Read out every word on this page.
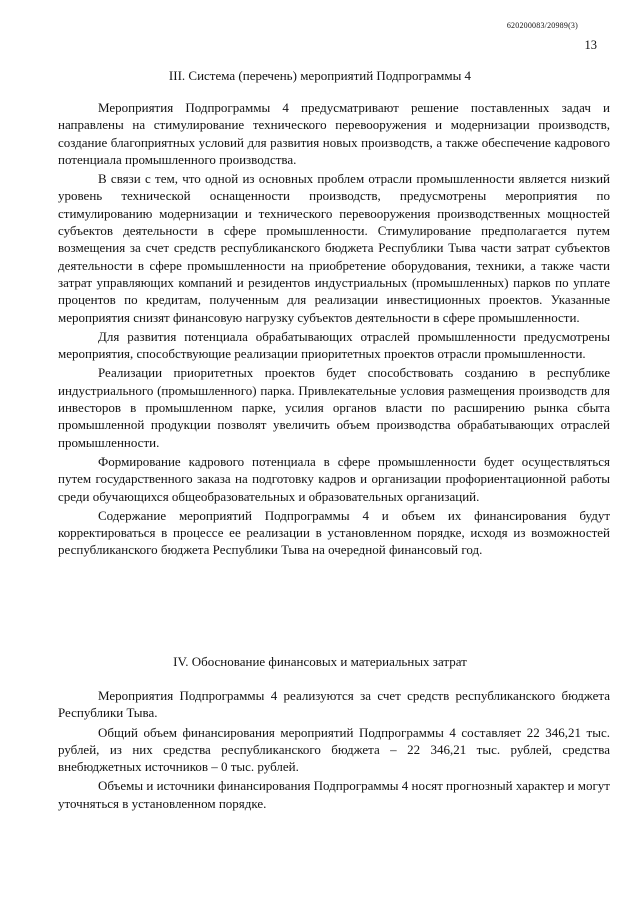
620200083/20989(3)
13
III. Система (перечень) мероприятий Подпрограммы 4

Мероприятия Подпрограммы 4 предусматривают решение поставленных задач и направлены на стимулирование технического перевооружения и модернизации производств, создание благоприятных условий для развития новых производств, а также обеспечение кадрового потенциала промышленного производства.

В связи с тем, что одной из основных проблем отрасли промышленности является низкий уровень технической оснащенности производств, предусмотрены мероприятия по стимулированию модернизации и технического перевооружения производственных мощностей субъектов деятельности в сфере промышленности. Стимулирование предполагается путем возмещения за счет средств республиканского бюджета Республики Тыва части затрат субъектов деятельности в сфере промышленности на приобретение оборудования, техники, а также части затрат управляющих компаний и резидентов индустриальных (промышленных) парков по уплате процентов по кредитам, полученным для реализации инвестиционных проектов. Указанные мероприятия снизят финансовую нагрузку субъектов деятельности в сфере промышленности.

Для развития потенциала обрабатывающих отраслей промышленности предусмотрены мероприятия, способствующие реализации приоритетных проектов отрасли промышленности.

Реализации приоритетных проектов будет способствовать созданию в республике индустриального (промышленного) парка. Привлекательные условия размещения производств для инвесторов в промышленном парке, усилия органов власти по расширению рынка сбыта промышленной продукции позволят увеличить объем производства обрабатывающих отраслей промышленности.

Формирование кадрового потенциала в сфере промышленности будет осуществляться путем государственного заказа на подготовку кадров и организации профориентационной работы среди обучающихся общеобразовательных и образовательных организаций.

Содержание мероприятий Подпрограммы 4 и объем их финансирования будут корректироваться в процессе ее реализации в установленном порядке, исходя из возможностей республиканского бюджета Республики Тыва на очередной финансовый год.

IV. Обоснование финансовых и материальных затрат

Мероприятия Подпрограммы 4 реализуются за счет средств республиканского бюджета Республики Тыва.

Общий объем финансирования мероприятий Подпрограммы 4 составляет 22 346,21 тыс. рублей, из них средства республиканского бюджета – 22 346,21 тыс. рублей, средства внебюджетных источников – 0 тыс. рублей.

Объемы и источники финансирования Подпрограммы 4 носят прогнозный характер и могут уточняться в установленном порядке.
